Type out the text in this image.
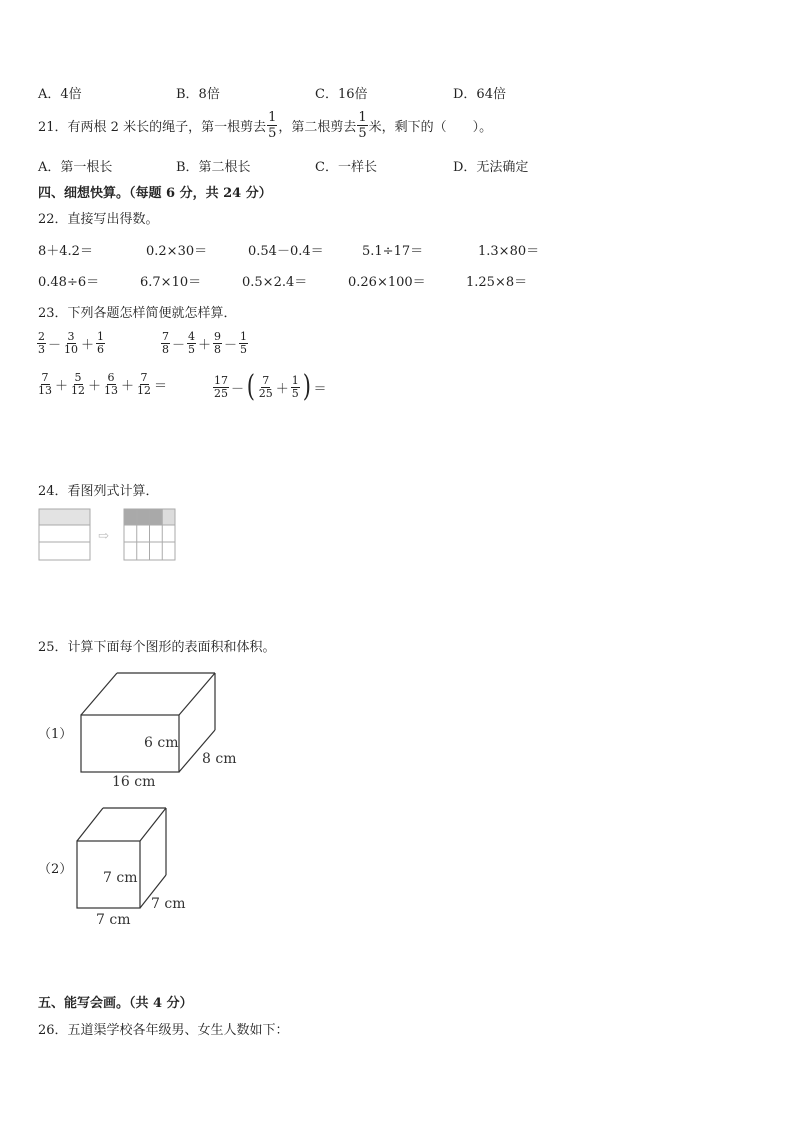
A．4倍	B．8倍	C．16倍	D．64倍
21．有两根 2 米长的绳子，第一根剪去 $\frac{1}{5}$ ，第二根剪去 $\frac{1}{5}$ 米，剩下的（　　）。
A．第一根长	B．第二根长	C．一样长	D．无法确定
四、细想快算。（每题 6 分，共 24 分）
22．直接写出得数。
8＋4.2＝	0.2×30＝	0.54－0.4＝	5.1÷17＝	1.3×80＝
0.48÷6＝	6.7×10＝	0.5×2.4＝	0.26×100＝	1.25×8＝
23．下列各题怎样简便就怎样算．
$\frac{2}{3} - \frac{3}{10} + \frac{1}{6}$	$\frac{7}{8} - \frac{4}{5} + \frac{9}{8} - \frac{1}{5}$
$\frac{7}{13} + \frac{5}{12} + \frac{6}{13} + \frac{7}{12}$ ＝	$\frac{17}{25}$ － ( $\frac{7}{25} + \frac{1}{5}$ ) ＝
24．看图列式计算．
⇨
25．计算下面每个图形的表面积和体积。
（1）
6 cm
8 cm
16 cm
（2）
7 cm
7 cm
7 cm
五、能写会画。（共 4 分）
26．五道渠学校各年级男、女生人数如下：
